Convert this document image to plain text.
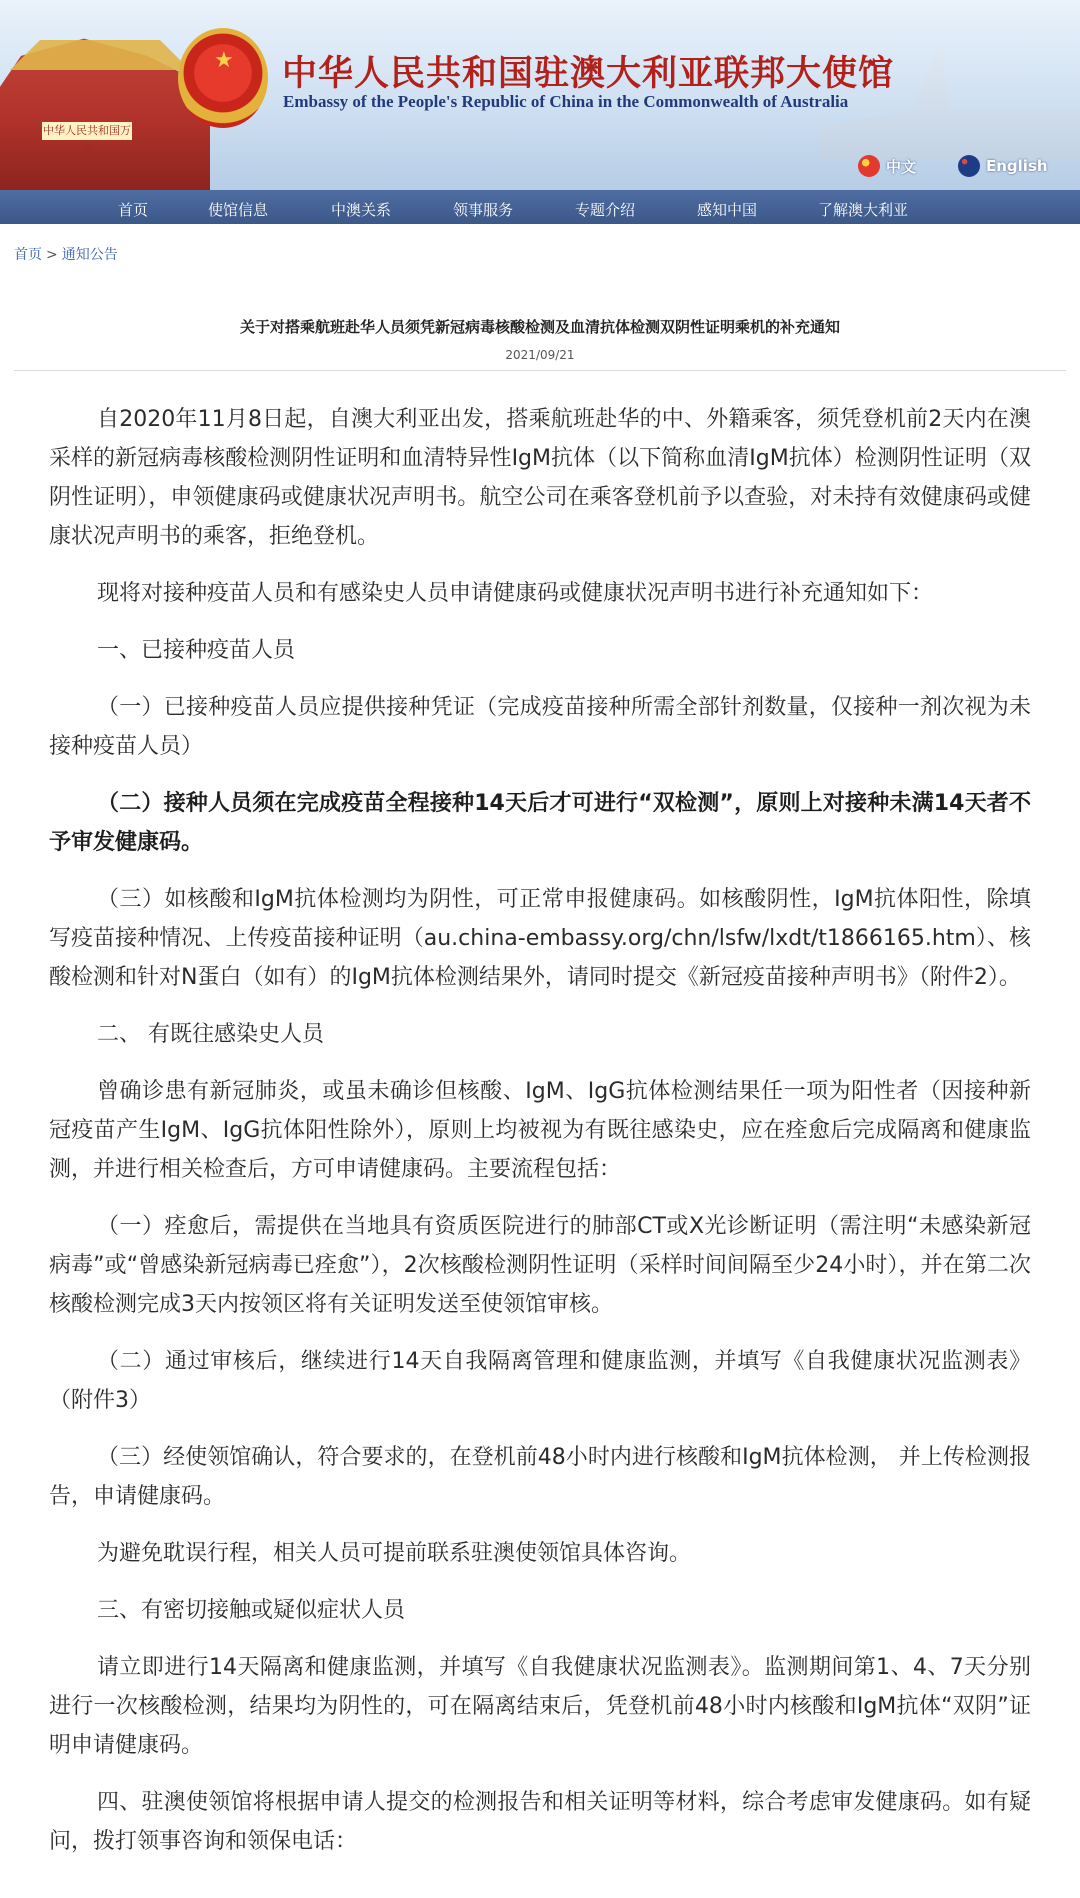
中华人民共和国万岁
★ 中华人民共和国驻澳大利亚联邦大使馆
Embassy of the People's Republic of China in the Commonwealth of Australia
中文	English
首页	使馆信息	中澳关系	领事服务	专题介绍	感知中国	了解澳大利亚
首页 > 通知公告
关于对搭乘航班赴华人员须凭新冠病毒核酸检测及血清抗体检测双阴性证明乘机的补充通知
2021/09/21

自2020年11月8日起，自澳大利亚出发，搭乘航班赴华的中、外籍乘客，须凭登机前2天内在澳采样的新冠病毒核酸检测阴性证明和血清特异性IgM抗体（以下简称血清IgM抗体）检测阴性证明（双阴性证明），申领健康码或健康状况声明书。航空公司在乘客登机前予以查验，对未持有效健康码或健康状况声明书的乘客，拒绝登机。

现将对接种疫苗人员和有感染史人员申请健康码或健康状况声明书进行补充通知如下：

一、已接种疫苗人员

（一）已接种疫苗人员应提供接种凭证（完成疫苗接种所需全部针剂数量，仅接种一剂次视为未接种疫苗人员）

（二）接种人员须在完成疫苗全程接种14天后才可进行“双检测”，原则上对接种未满14天者不予审发健康码。

（三）如核酸和IgM抗体检测均为阴性，可正常申报健康码。如核酸阴性，IgM抗体阳性，除填写疫苗接种情况、上传疫苗接种证明（au.china-embassy.org/chn/lsfw/lxdt/t1866165.htm）、核酸检测和针对N蛋白（如有）的IgM抗体检测结果外，请同时提交《新冠疫苗接种声明书》（附件2）。

二、 有既往感染史人员

曾确诊患有新冠肺炎，或虽未确诊但核酸、IgM、IgG抗体检测结果任一项为阳性者（因接种新冠疫苗产生IgM、IgG抗体阳性除外），原则上均被视为有既往感染史，应在痊愈后完成隔离和健康监测，并进行相关检查后，方可申请健康码。主要流程包括：

（一）痊愈后，需提供在当地具有资质医院进行的肺部CT或X光诊断证明（需注明“未感染新冠病毒”或“曾感染新冠病毒已痊愈”），2次核酸检测阴性证明（采样时间间隔至少24小时），并在第二次核酸检测完成3天内按领区将有关证明发送至使领馆审核。

（二）通过审核后，继续进行14天自我隔离管理和健康监测，并填写《自我健康状况监测表》（附件3）

（三）经使领馆确认，符合要求的，在登机前48小时内进行核酸和IgM抗体检测， 并上传检测报告，申请健康码。

为避免耽误行程，相关人员可提前联系驻澳使领馆具体咨询。

三、有密切接触或疑似症状人员

请立即进行14天隔离和健康监测，并填写《自我健康状况监测表》。监测期间第1、4、7天分别进行一次核酸检测，结果均为阴性的，可在隔离结束后，凭登机前48小时内核酸和IgM抗体“双阴”证明申请健康码。

四、驻澳使领馆将根据申请人提交的检测报告和相关证明等材料，综合考虑审发健康码。如有疑问，拨打领事咨询和领保电话：
